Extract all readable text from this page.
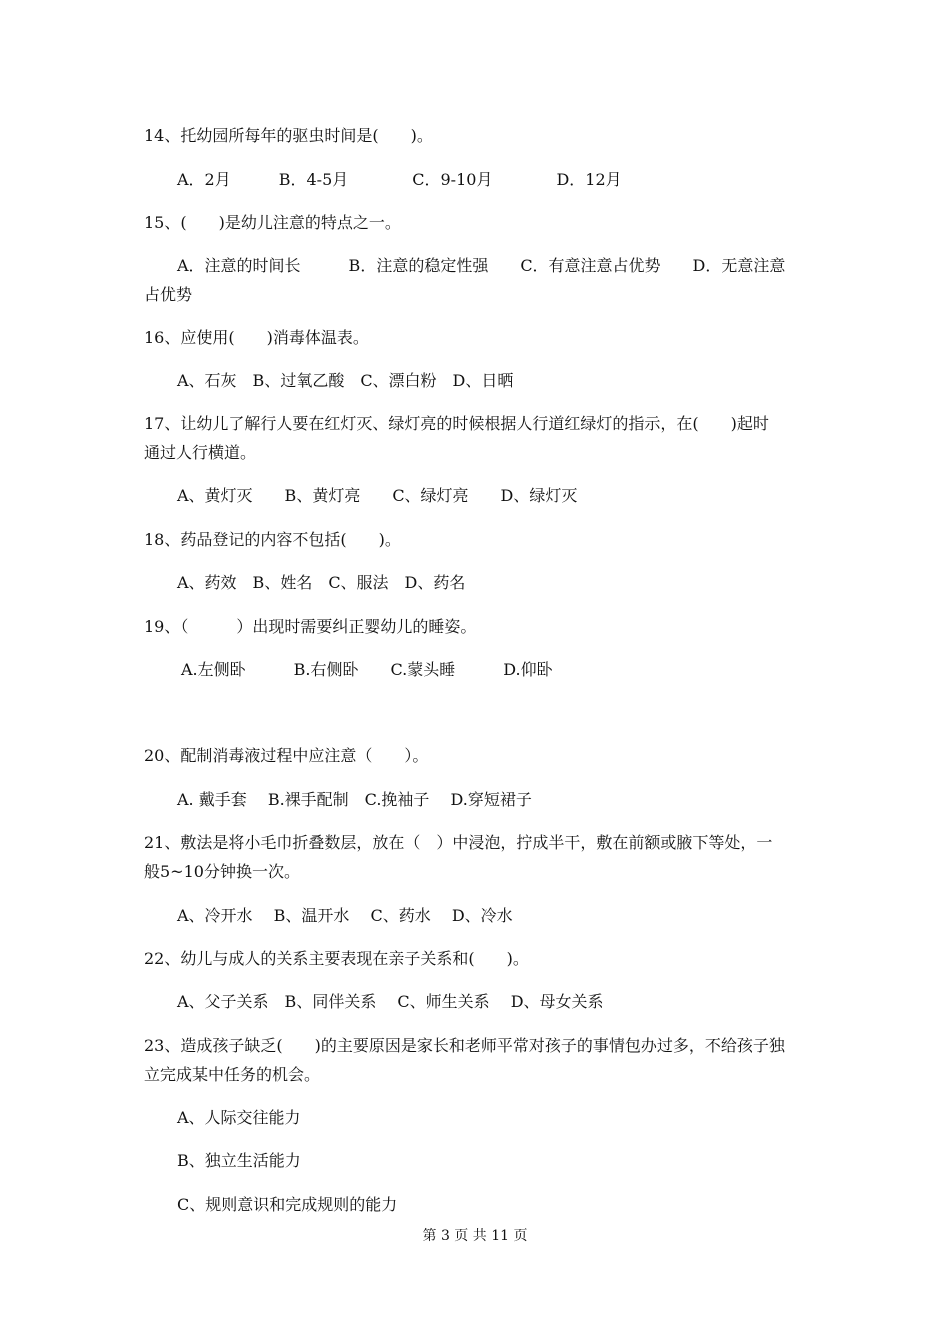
14、托幼园所每年的驱虫时间是(　　)。
A．2月　　　B．4-5月　　　　C．9-10月　　　　D．12月
15、(　　)是幼儿注意的特点之一。
A．注意的时间长　　　B．注意的稳定性强　　C．有意注意占优势　　D．无意注意
占优势
16、应使用(　　)消毒体温表。
A、石灰　B、过氧乙酸　C、漂白粉　D、日晒
17、让幼儿了解行人要在红灯灭、绿灯亮的时候根据人行道红绿灯的指示，在(　　)起时
通过人行横道。
A、黄灯灭　　B、黄灯亮　　C、绿灯亮　　D、绿灯灭
18、药品登记的内容不包括(　　)。
A、药效　B、姓名　C、服法　D、药名
19、（　　　）出现时需要纠正婴幼儿的睡姿。
A.左侧卧　　　B.右侧卧　　C.蒙头睡　　　D.仰卧
20、配制消毒液过程中应注意（　　）。
A. 戴手套　 B.裸手配制　C.挽袖子　 D.穿短裙子
21、敷法是将小毛巾折叠数层，放在（　）中浸泡，拧成半干，敷在前额或腋下等处，一
般5~10分钟换一次。
A、冷开水　 B、温开水　 C、药水　 D、冷水
22、幼儿与成人的关系主要表现在亲子关系和(　　)。
A、父子关系　B、同伴关系　 C、师生关系　 D、母女关系
23、造成孩子缺乏(　　)的主要原因是家长和老师平常对孩子的事情包办过多，不给孩子独
立完成某中任务的机会。
A、人际交往能力
B、独立生活能力
C、规则意识和完成规则的能力
第 3 页 共 11 页
